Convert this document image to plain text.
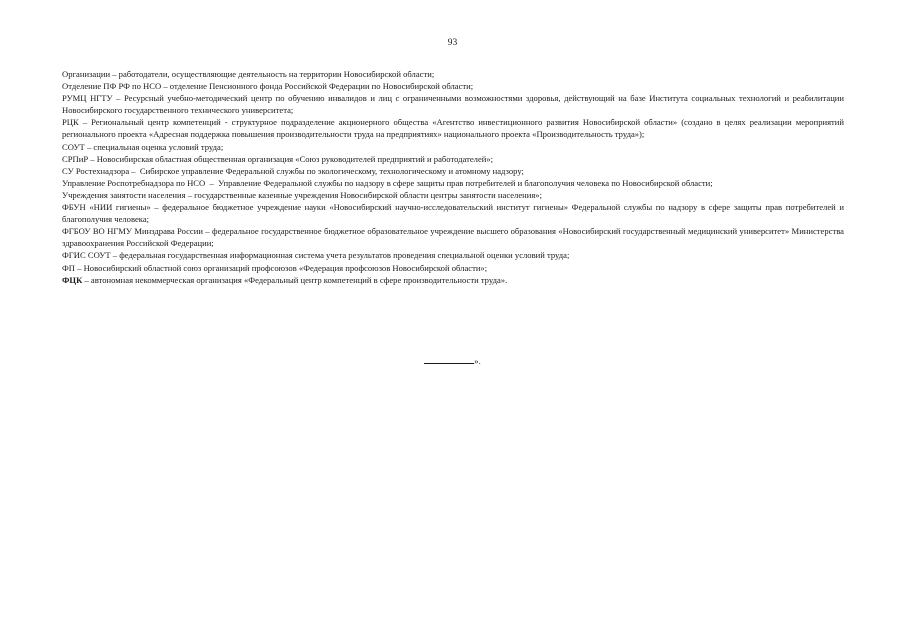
93

Организации – работодатели, осуществляющие деятельность на территории Новосибирской области;

Отделение ПФ РФ по НСО – отделение Пенсионного фонда Российской Федерации по Новосибирской области;

РУМЦ НГТУ – Ресурсный учебно-методический центр по обучению инвалидов и лиц с ограниченными возможностями здоровья, действующий на базе Института социальных технологий и реабилитации Новосибирского государственного технического университета;

РЦК – Региональный центр компетенций - структурное подразделение акционерного общества «Агентство инвестиционного развития Новосибирской области» (создано в целях реализации мероприятий регионального проекта «Адресная поддержка повышения производительности труда на предприятиях» национального проекта «Производительность труда»);

СОУТ – специальная оценка условий труда;

СРПиР – Новосибирская областная общественная организация «Союз руководителей предприятий и работодателей»;

СУ Ростехнадзора –  Сибирское управление Федеральной службы по экологическому, технологическому и атомному надзору;

Управление Роспотребнадзора по НСО  –  Управление Федеральной службы по надзору в сфере защиты прав потребителей и благополучия человека по Новосибирской области;

Учреждения занятости населения – государственные казенные учреждения Новосибирской области центры занятости населения»;

ФБУН «НИИ гигиены» – федеральное бюджетное учреждение науки «Новосибирский научно-исследовательский институт гигиены» Федеральной службы по надзору в сфере защиты прав потребителей и благополучия человека;

ФГБОУ ВО НГМУ Минздрава России – федеральное государственное бюджетное образовательное учреждение высшего образования «Новосибирский государственный медицинский университет» Министерства здравоохранения Российской Федерации;

ФГИС СОУТ – федеральная государственная информационная система учета результатов проведения специальной оценки условий труда;

ФП – Новосибирский областной союз организаций профсоюзов «Федерация профсоюзов Новосибирской области»;

ФЦК – автономная некоммерческая организация «Федеральный центр компетенций в сфере производительности труда».

».
